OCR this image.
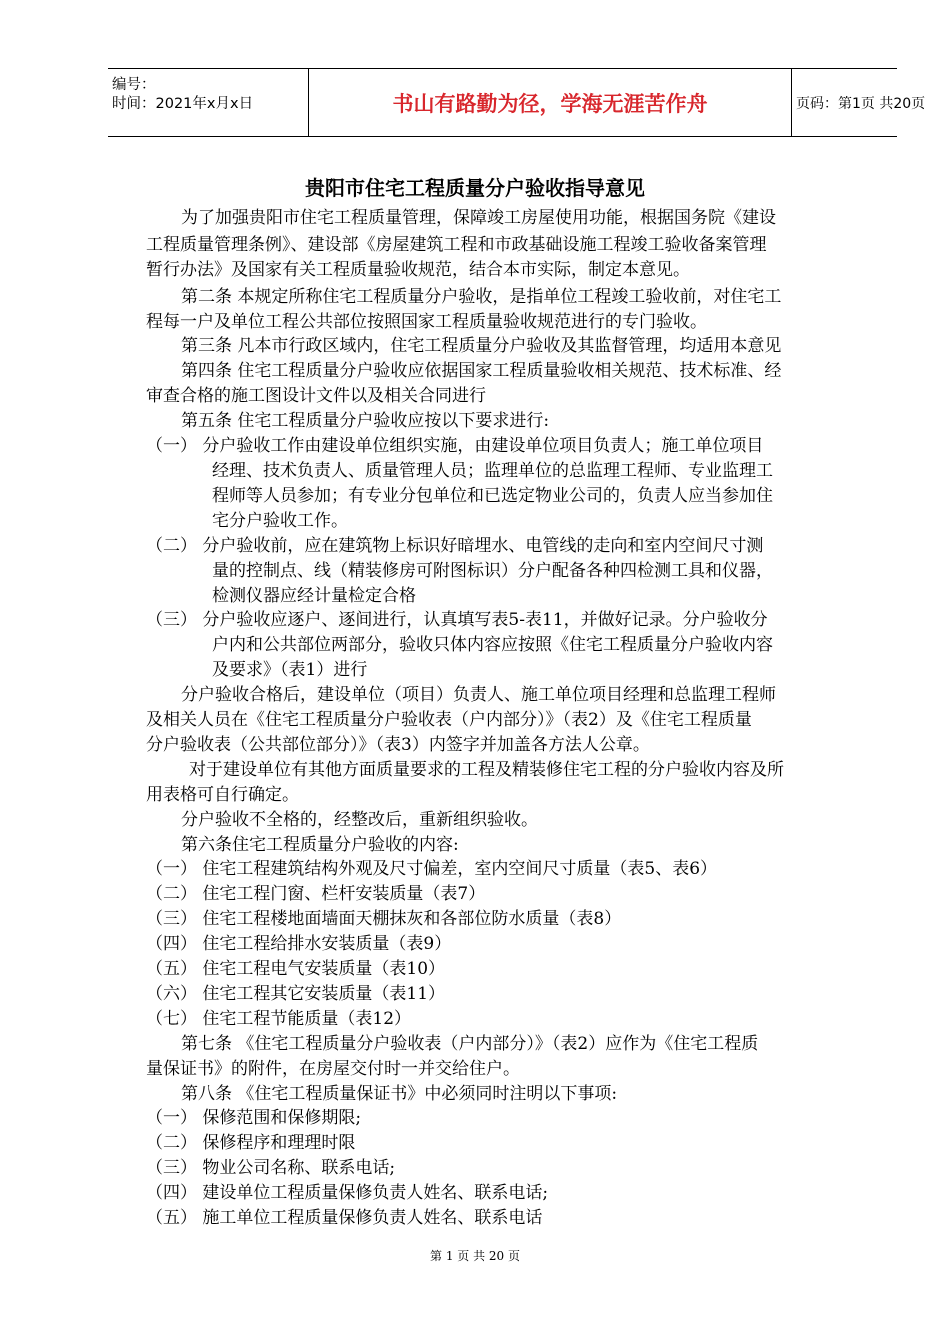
编号：
时间：2021年x月x日	书山有路勤为径，学海无涯苦作舟	页码：第1页 共20页
贵阳市住宅工程质量分户验收指导意见
为了加强贵阳市住宅工程质量管理，保障竣工房屋使用功能，根据国务院《建设
工程质量管理条例》、建设部《房屋建筑工程和市政基础设施工程竣工验收备案管理
暂行办法》及国家有关工程质量验收规范，结合本市实际，制定本意见。
第二条 本规定所称住宅工程质量分户验收，是指单位工程竣工验收前，对住宅工
程每一户及单位工程公共部位按照国家工程质量验收规范进行的专门验收。
第三条 凡本市行政区域内，住宅工程质量分户验收及其监督管理，均适用本意见
第四条 住宅工程质量分户验收应依据国家工程质量验收相关规范、技术标准、经
审查合格的施工图设计文件以及相关合同进行
第五条 住宅工程质量分户验收应按以下要求进行:
（一） 分户验收工作由建设单位组织实施，由建设单位项目负责人；施工单位项目
经理、技术负责人、质量管理人员；监理单位的总监理工程师、专业监理工
程师等人员参加；有专业分包单位和已选定物业公司的，负责人应当参加住
宅分户验收工作。
（二） 分户验收前，应在建筑物上标识好暗埋水、电管线的走向和室内空间尺寸测
量的控制点、线（精装修房可附图标识）分户配备各种四检测工具和仪器，
检测仪器应经计量检定合格
（三） 分户验收应逐户、逐间进行，认真填写表5-表11，并做好记录。分户验收分
户内和公共部位两部分，验收只体内容应按照《住宅工程质量分户验收内容
及要求》（表1）进行
分户验收合格后，建设单位（项目）负责人、施工单位项目经理和总监理工程师
及相关人员在《住宅工程质量分户验收表（户内部分）》（表2）及《住宅工程质量
分户验收表（公共部位部分）》（表3）内签字并加盖各方法人公章。
对于建设单位有其他方面质量要求的工程及精装修住宅工程的分户验收内容及所
用表格可自行确定。
分户验收不全格的，经整改后，重新组织验收。
第六条住宅工程质量分户验收的内容:
（一） 住宅工程建筑结构外观及尺寸偏差，室内空间尺寸质量（表5、表6）
（二） 住宅工程门窗、栏杆安装质量（表7）
（三） 住宅工程楼地面墙面天棚抹灰和各部位防水质量（表8）
（四） 住宅工程给排水安装质量（表9）
（五） 住宅工程电气安装质量（表10）
（六） 住宅工程其它安装质量（表11）
（七） 住宅工程节能质量（表12）
第七条 《住宅工程质量分户验收表（户内部分）》（表2）应作为《住宅工程质
量保证书》的附件，在房屋交付时一并交给住户。
第八条 《住宅工程质量保证书》中必须同时注明以下事项:
（一） 保修范围和保修期限;
（二） 保修程序和理理时限
（三） 物业公司名称、联系电话;
（四） 建设单位工程质量保修负责人姓名、联系电话;
（五） 施工单位工程质量保修负责人姓名、联系电话
第 1 页 共 20 页
